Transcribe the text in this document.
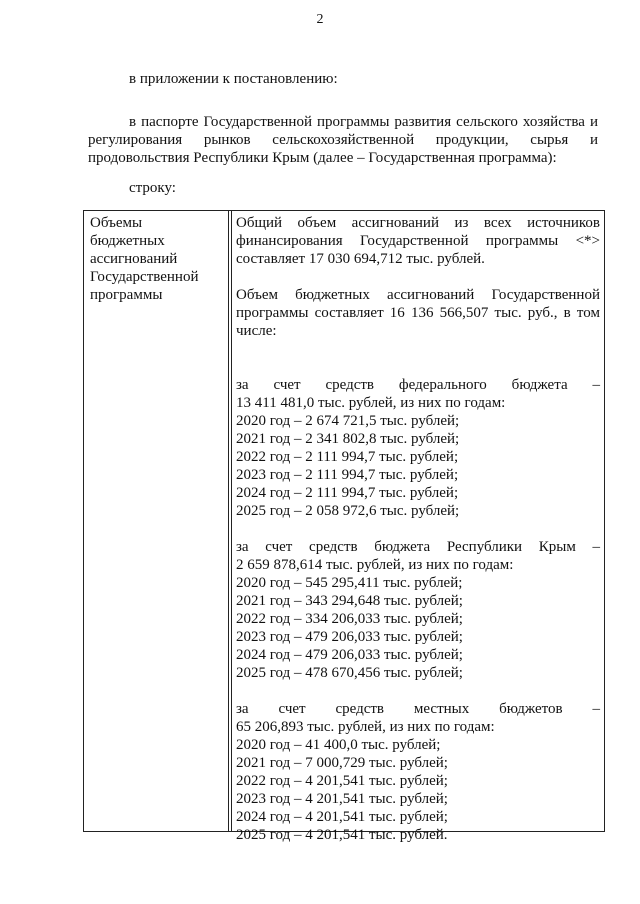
2
в приложении к постановлению:
в паспорте Государственной программы развития сельского хозяйства и регулирования рынков сельскохозяйственной продукции, сырья и продовольствия Республики Крым (далее – Государственная программа):
строку:
Объемы
бюджетных
ассигнований
Государственной
программы

Общий объем ассигнований из всех источников финансирования Государственной программы <*> составляет 17 030 694,712 тыс. рублей.

Объем бюджетных ассигнований Государственной программы составляет 16 136 566,507 тыс. руб., в том числе:

за счет средств федерального бюджета –
13 411 481,0 тыс. рублей, из них по годам:
2020 год – 2 674 721,5 тыс. рублей;
2021 год – 2 341 802,8 тыс. рублей;
2022 год – 2 111 994,7 тыс. рублей;
2023 год – 2 111 994,7 тыс. рублей;
2024 год – 2 111 994,7 тыс. рублей;
2025 год – 2 058 972,6 тыс. рублей;
за счет средств бюджета Республики Крым –
2 659 878,614 тыс. рублей, из них по годам:
2020 год – 545 295,411 тыс. рублей;
2021 год – 343 294,648 тыс. рублей;
2022 год – 334 206,033 тыс. рублей;
2023 год – 479 206,033 тыс. рублей;
2024 год – 479 206,033 тыс. рублей;
2025 год – 478 670,456 тыс. рублей;
за счет средств местных бюджетов –
65 206,893 тыс. рублей, из них по годам:
2020 год – 41 400,0 тыс. рублей;
2021 год – 7 000,729 тыс. рублей;
2022 год – 4 201,541 тыс. рублей;
2023 год – 4 201,541 тыс. рублей;
2024 год – 4 201,541 тыс. рублей;
2025 год – 4 201,541 тыс. рублей.
